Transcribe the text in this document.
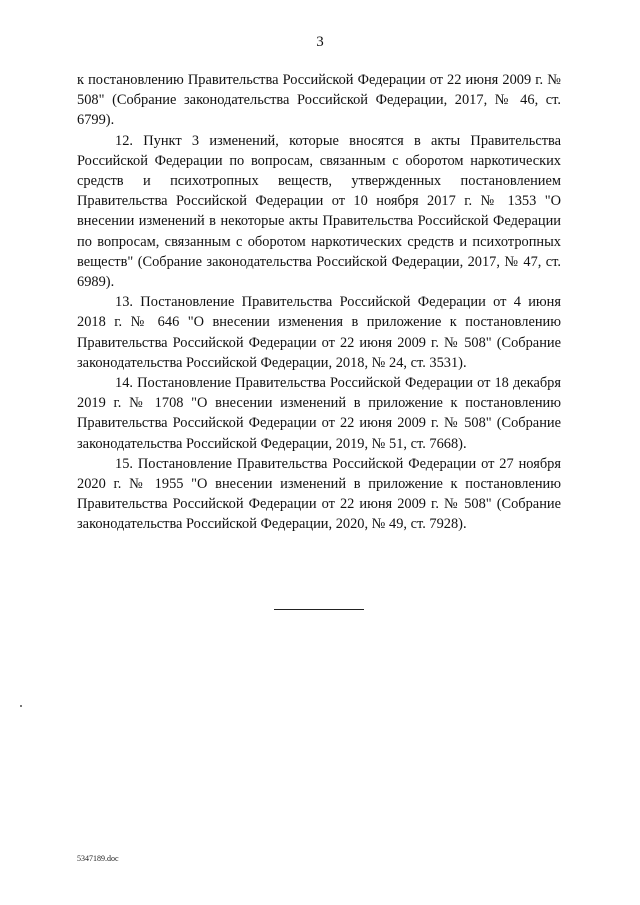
3

к постановлению Правительства Российской Федерации от 22 июня 2009 г. № 508" (Собрание законодательства Российской Федерации, 2017, № 46, ст. 6799).

12. Пункт 3 изменений, которые вносятся в акты Правительства Российской Федерации по вопросам, связанным с оборотом наркотических средств и психотропных веществ, утвержденных постановлением Правительства Российской Федерации от 10 ноября 2017 г. № 1353 "О внесении изменений в некоторые акты Правительства Российской Федерации по вопросам, связанным с оборотом наркотических средств и психотропных веществ" (Собрание законодательства Российской Федерации, 2017, № 47, ст. 6989).

13. Постановление Правительства Российской Федерации от 4 июня 2018 г. № 646 "О внесении изменения в приложение к постановлению Правительства Российской Федерации от 22 июня 2009 г. № 508" (Собрание законодательства Российской Федерации, 2018, № 24, ст. 3531).

14. Постановление Правительства Российской Федерации от 18 декабря 2019 г. № 1708 "О внесении изменений в приложение к постановлению Правительства Российской Федерации от 22 июня 2009 г. № 508" (Собрание законодательства Российской Федерации, 2019, № 51, ст. 7668).

15. Постановление Правительства Российской Федерации от 27 ноября 2020 г. № 1955 "О внесении изменений в приложение к постановлению Правительства Российской Федерации от 22 июня 2009 г. № 508" (Собрание законодательства Российской Федерации, 2020, № 49, ст. 7928).

5347189.doc
